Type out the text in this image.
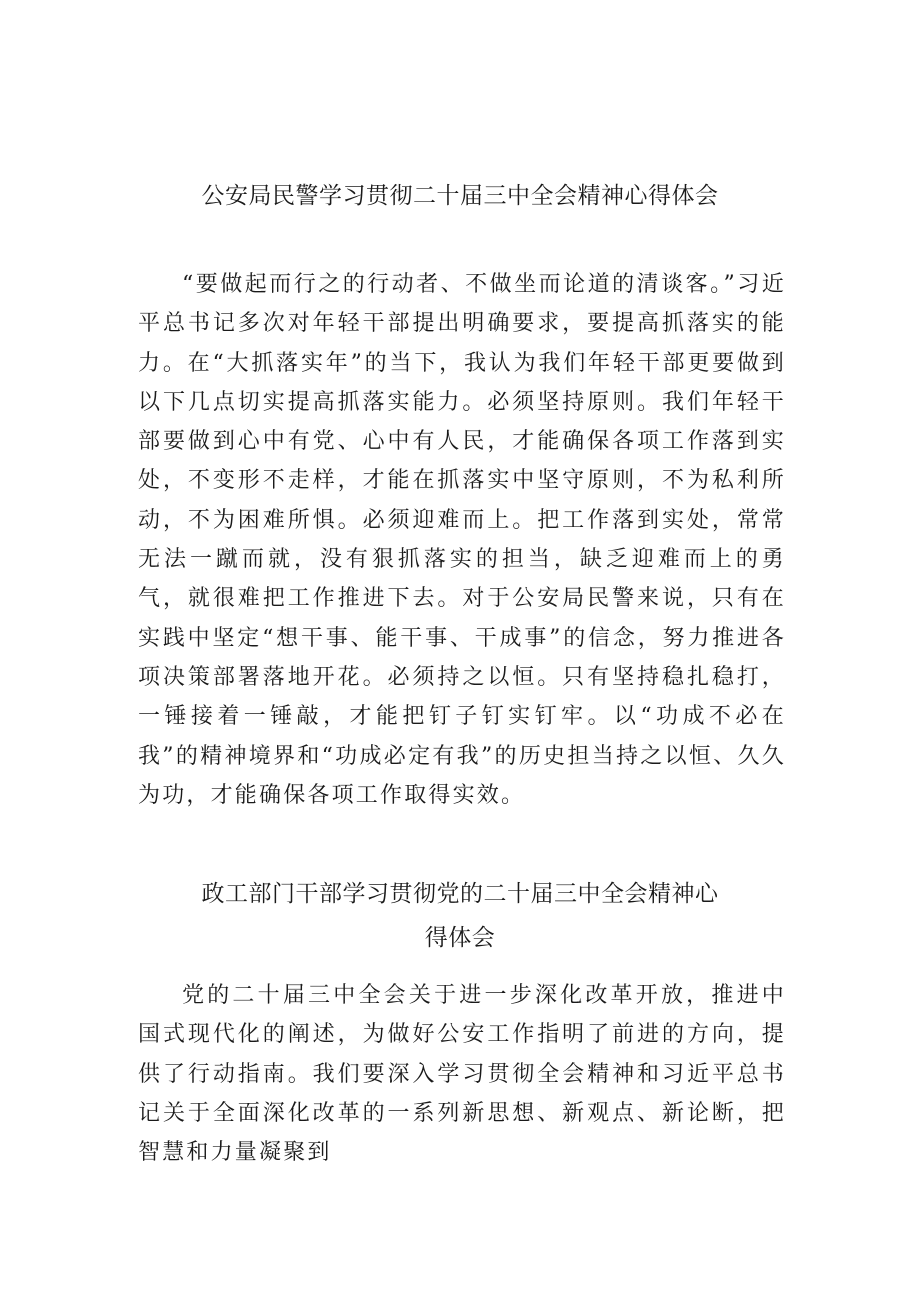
公安局民警学习贯彻二十届三中全会精神心得体会

“要做起而行之的行动者、不做坐而论道的清谈客。”习近平总书记多次对年轻干部提出明确要求，要提高抓落实的能力。在“大抓落实年”的当下，我认为我们年轻干部更要做到以下几点切实提高抓落实能力。必须坚持原则。我们年轻干部要做到心中有党、心中有人民，才能确保各项工作落到实处，不变形不走样，才能在抓落实中坚守原则，不为私利所动，不为困难所惧。必须迎难而上。把工作落到实处，常常无法一蹴而就，没有狠抓落实的担当，缺乏迎难而上的勇气，就很难把工作推进下去。对于公安局民警来说，只有在实践中坚定“想干事、能干事、干成事”的信念，努力推进各项决策部署落地开花。必须持之以恒。只有坚持稳扎稳打，一锤接着一锤敲，才能把钉子钉实钉牢。以“功成不必在我”的精神境界和“功成必定有我”的历史担当持之以恒、久久为功，才能确保各项工作取得实效。

政工部门干部学习贯彻党的二十届三中全会精神心得体会

党的二十届三中全会关于进一步深化改革开放，推进中国式现代化的阐述，为做好公安工作指明了前进的方向，提供了行动指南。我们要深入学习贯彻全会精神和习近平总书记关于全面深化改革的一系列新思想、新观点、新论断，把智慧和力量凝聚到
